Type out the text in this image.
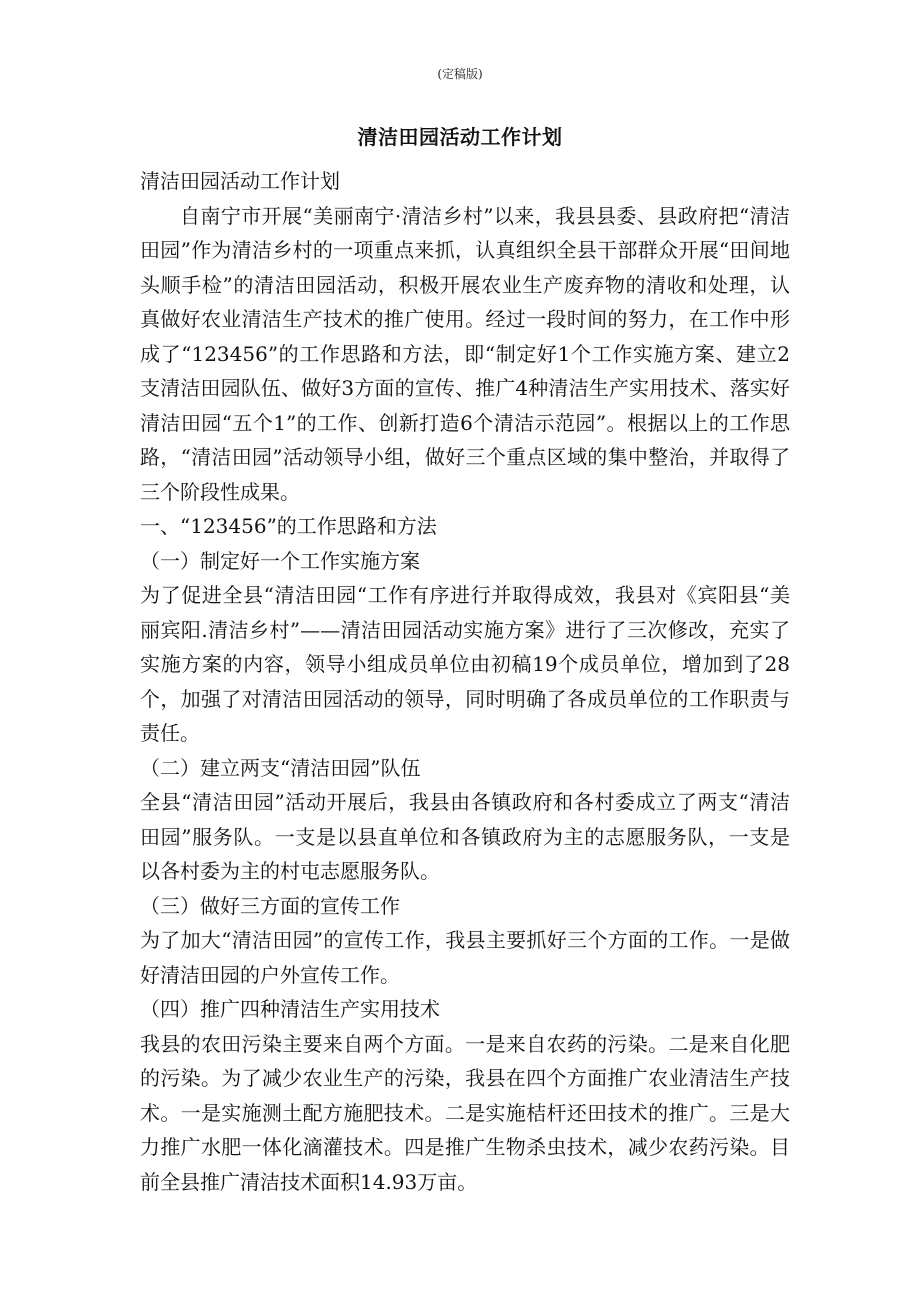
(定稿版)
清洁田园活动工作计划

清洁田园活动工作计划

自南宁市开展“美丽南宁·清洁乡村”以来，我县县委、县政府把“清洁田园”作为清洁乡村的一项重点来抓，认真组织全县干部群众开展“田间地头顺手检”的清洁田园活动，积极开展农业生产废弃物的清收和处理，认真做好农业清洁生产技术的推广使用。经过一段时间的努力，在工作中形成了“123456”的工作思路和方法，即“制定好1个工作实施方案、建立2支清洁田园队伍、做好3方面的宣传、推广4种清洁生产实用技术、落实好清洁田园“五个1”的工作、创新打造6个清洁示范园”。根据以上的工作思路，“清洁田园”活动领导小组，做好三个重点区域的集中整治，并取得了三个阶段性成果。

一、“123456”的工作思路和方法

（一）制定好一个工作实施方案

为了促进全县“清洁田园“工作有序进行并取得成效，我县对《宾阳县“美丽宾阳.清洁乡村”——清洁田园活动实施方案》进行了三次修改，充实了实施方案的内容，领导小组成员单位由初稿19个成员单位，增加到了28个，加强了对清洁田园活动的领导，同时明确了各成员单位的工作职责与责任。

（二）建立两支“清洁田园”队伍

全县“清洁田园”活动开展后，我县由各镇政府和各村委成立了两支“清洁田园”服务队。一支是以县直单位和各镇政府为主的志愿服务队，一支是以各村委为主的村屯志愿服务队。

（三）做好三方面的宣传工作

为了加大“清洁田园”的宣传工作，我县主要抓好三个方面的工作。一是做好清洁田园的户外宣传工作。

（四）推广四种清洁生产实用技术

我县的农田污染主要来自两个方面。一是来自农药的污染。二是来自化肥的污染。为了减少农业生产的污染，我县在四个方面推广农业清洁生产技术。一是实施测土配方施肥技术。二是实施桔杆还田技术的推广。三是大力推广水肥一体化滴灌技术。四是推广生物杀虫技术，减少农药污染。目前全县推广清洁技术面积14.93万亩。
